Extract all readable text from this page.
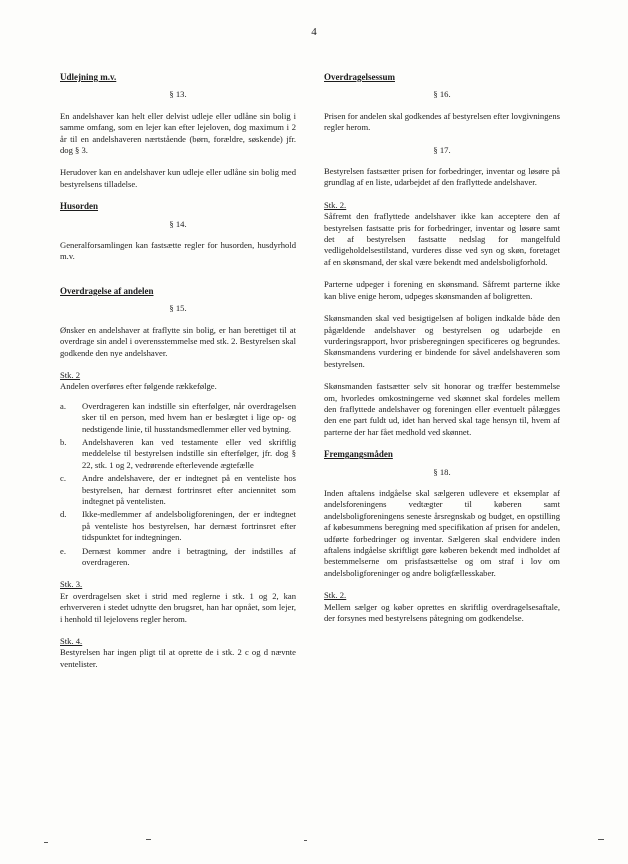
4

Udlejning m.v.

§ 13.

En andelshaver kan helt eller delvist udleje eller udlåne sin bolig i samme omfang, som en lejer kan efter lejeloven, dog maximum i 2 år til en andelshaveren nærtstående (børn, forældre, søskende) jfr. dog § 3.

Herudover kan en andelshaver kun udleje eller udlåne sin bolig med bestyrelsens tilladelse.

Husorden

§ 14.

Generalforsamlingen kan fastsætte regler for husorden, husdyrhold m.v.

Overdragelse af andelen

§ 15.

Ønsker en andelshaver at fraflytte sin bolig, er han berettiget til at overdrage sin andel i overensstemmelse med stk. 2. Bestyrelsen skal godkende den nye andelshaver.

Stk. 2

Andelen overføres efter følgende rækkefølge.

a.	Overdrageren kan indstille sin efterfølger, når overdragelsen sker til en person, med hvem han er beslægtet i lige op- og nedstigende linie, til husstandsmedlemmer eller ved bytning.
b.	Andelshaveren kan ved testamente eller ved skriftlig meddelelse til bestyrelsen indstille sin efterfølger, jfr. dog § 22, stk. 1 og 2, vedrørende efterlevende ægtefælle
c.	Andre andelshavere, der er indtegnet på en venteliste hos bestyrelsen, har dernæst fortrinsret efter anciennitet som indtegnet på ventelisten.
d.	Ikke-medlemmer af andelsboligforeningen, der er indtegnet på venteliste hos bestyrelsen, har dernæst fortrinsret efter tidspunktet for indtegningen.
e.	Dernæst kommer andre i betragtning, der indstilles af overdrageren.

Stk. 3.

Er overdragelsen sket i strid med reglerne i stk. 1 og 2, kan erhververen i stedet udnytte den brugsret, han har opnået, som lejer, i henhold til lejelovens regler herom.

Stk. 4.

Bestyrelsen har ingen pligt til at oprette de i stk. 2 c og d nævnte ventelister.

Overdragelsessum

§ 16.

Prisen for andelen skal godkendes af bestyrelsen efter lovgivningens regler herom.

§ 17.

Bestyrelsen fastsætter prisen for forbedringer, inventar og løsøre på grundlag af en liste, udarbejdet af den fraflyttede andelshaver.

Stk. 2.

Såfremt den fraflyttede andelshaver ikke kan acceptere den af bestyrelsen fastsatte pris for forbedringer, inventar og løsøre samt det af bestyrelsen fastsatte nedslag for mangelfuld vedligeholdelsestilstand, vurderes disse ved syn og skøn, foretaget af en skønsmand, der skal være bekendt med andelsboligforhold.

Parterne udpeger i forening en skønsmand. Såfremt parterne ikke kan blive enige herom, udpeges skønsmanden af boligretten.

Skønsmanden skal ved besigtigelsen af boligen indkalde både den pågældende andelshaver og bestyrelsen og udarbejde en vurderingsrapport, hvor prisberegningen specificeres og begrundes. Skønsmandens vurdering er bindende for såvel andelshaveren som bestyrelsen.

Skønsmanden fastsætter selv sit honorar og træffer bestemmelse om, hvorledes omkostningerne ved skønnet skal fordeles mellem den fraflyttede andelshaver og foreningen eller eventuelt pålægges den ene part fuldt ud, idet han herved skal tage hensyn til, hvem af parterne der har fået medhold ved skønnet.

Fremgangsmåden

§ 18.

Inden aftalens indgåelse skal sælgeren udlevere et eksemplar af andelsforeningens vedtægter til køberen samt andelsboligforeningens seneste årsregnskab og budget, en opstilling af købesummens beregning med specifikation af prisen for andelen, udførte forbedringer og inventar. Sælgeren skal endvidere inden aftalens indgåelse skriftligt gøre køberen bekendt med indholdet af bestemmelserne om prisfastsættelse og om straf i lov om andelsboligforeninger og andre boligfællesskaber.

Stk. 2.

Mellem sælger og køber oprettes en skriftlig overdragelsesaftale, der forsynes med bestyrelsens påtegning om godkendelse.
